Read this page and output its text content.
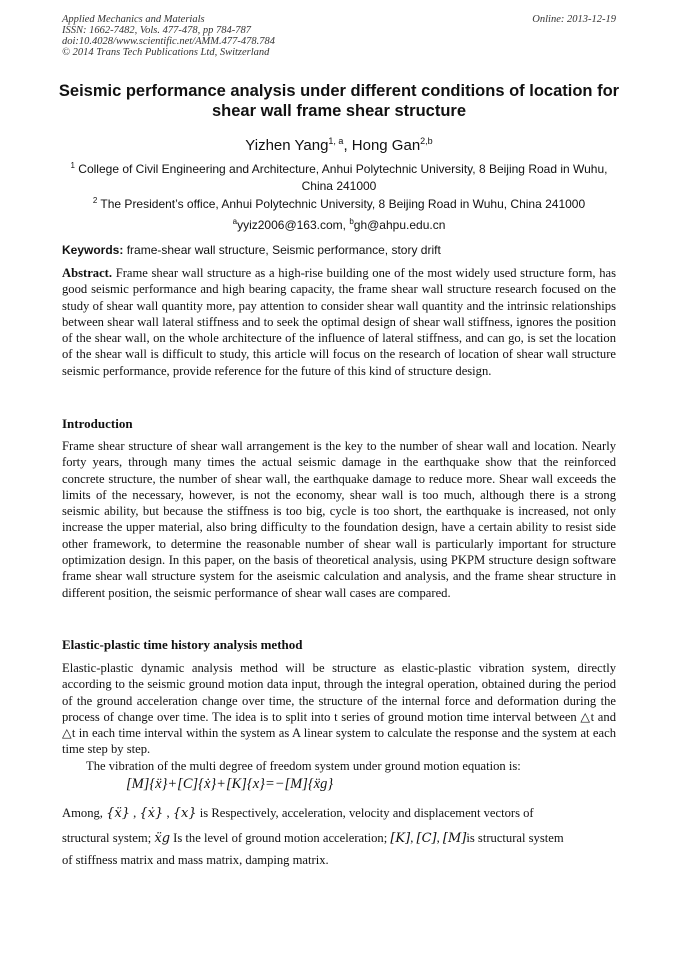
Applied Mechanics and Materials
ISSN: 1662-7482, Vols. 477-478, pp 784-787
doi:10.4028/www.scientific.net/AMM.477-478.784
© 2014 Trans Tech Publications Ltd, Switzerland
Online: 2013-12-19
Seismic performance analysis under different conditions of location for shear wall frame shear structure
Yizhen Yang$^{1, a}$, Hong Gan$^{2,b}$
$^1$ College of Civil Engineering and Architecture, Anhui Polytechnic University, 8 Beijing Road in Wuhu, China 241000
$^2$ The President’s office, Anhui Polytechnic University, 8 Beijing Road in Wuhu, China 241000
$^a$yyiz2006@163.com, $^b$gh@ahpu.edu.cn
Keywords: frame-shear wall structure, Seismic performance, story drift
Abstract. Frame shear wall structure as a high-rise building one of the most widely used structure form, has good seismic performance and high bearing capacity, the frame shear wall structure research focused on the study of shear wall quantity more, pay attention to consider shear wall quantity and the intrinsic relationships between shear wall lateral stiffness and to seek the optimal design of shear wall stiffness, ignores the position of the shear wall, on the whole architecture of the influence of lateral stiffness, and can go, is set the location of the shear wall is difficult to study, this article will focus on the research of location of shear wall structure seismic performance, provide reference for the future of this kind of structure design.
Introduction
Frame shear structure of shear wall arrangement is the key to the number of shear wall and location. Nearly forty years, through many times the actual seismic damage in the earthquake show that the reinforced concrete structure, the number of shear wall, the earthquake damage to reduce more. Shear wall exceeds the limits of the necessary, however, is not the economy, shear wall is too much, although there is a strong seismic ability, but because the stiffness is too big, cycle is too short, the earthquake is increased, not only increase the upper material, also bring difficulty to the foundation design, have a certain ability to resist side other framework, to determine the reasonable number of shear wall is particularly important for structure optimization design. In this paper, on the basis of theoretical analysis, using PKPM structure design software frame shear wall structure system for the aseismic calculation and analysis, and the frame shear structure in different position, the seismic performance of shear wall cases are compared.
Elastic-plastic time history analysis method
Elastic-plastic dynamic analysis method will be structure as elastic-plastic vibration system, directly according to the seismic ground motion data input, through the integral operation, obtained during the period of the ground acceleration change over time, the structure of the internal force and deformation during the process of change over time. The idea is to split into t series of ground motion time interval between △t and △t in each time interval within the system as A linear system to calculate the response and the system at each time step by step.
The vibration of the multi degree of freedom system under ground motion equation is:
[M]{ẍ}+[C]{ẋ}+[K]{x}=−[M]{ẍg}
Among, {ẍ} , {ẋ} , {x} is Respectively, acceleration, velocity and displacement vectors of
structural system; ẍg Is the level of ground motion acceleration; [K], [C], [M]is structural system
of stiffness matrix and mass matrix, damping matrix.
